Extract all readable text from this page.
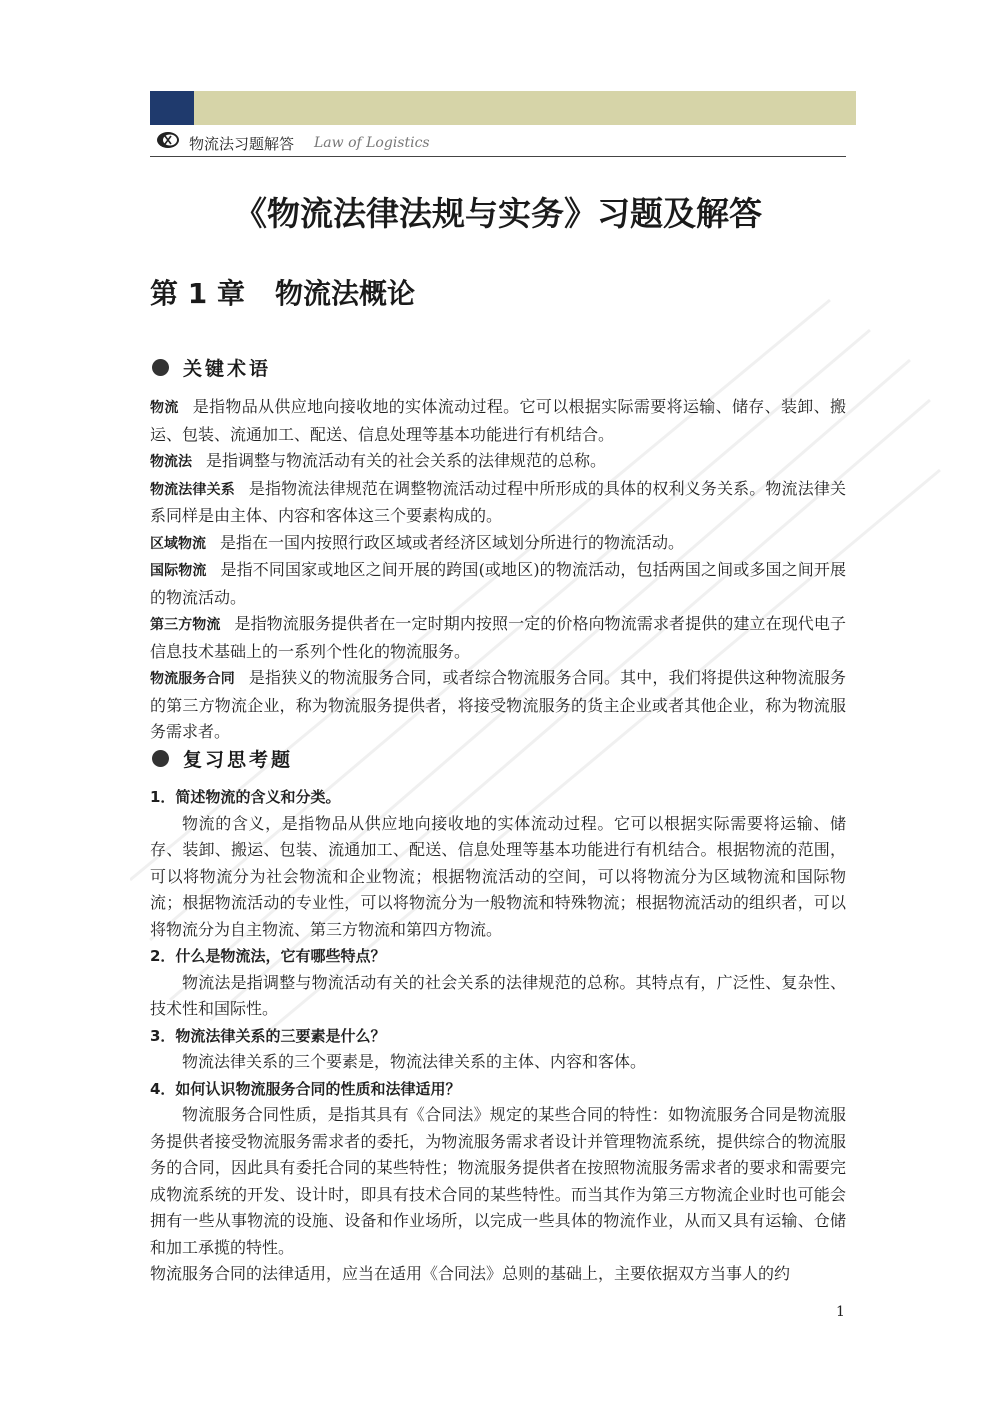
物流法习题解答 Law of Logistics
《物流法律法规与实务》习题及解答
第 1 章 物流法概论
关键术语

物流 是指物品从供应地向接收地的实体流动过程。它可以根据实际需要将运输、储存、装卸、搬运、包装、流通加工、配送、信息处理等基本功能进行有机结合。

物流法 是指调整与物流活动有关的社会关系的法律规范的总称。

物流法律关系 是指物流法律规范在调整物流活动过程中所形成的具体的权利义务关系。物流法律关系同样是由主体、内容和客体这三个要素构成的。

区域物流 是指在一国内按照行政区域或者经济区域划分所进行的物流活动。

国际物流 是指不同国家或地区之间开展的跨国(或地区)的物流活动，包括两国之间或多国之间开展的物流活动。

第三方物流 是指物流服务提供者在一定时期内按照一定的价格向物流需求者提供的建立在现代电子信息技术基础上的一系列个性化的物流服务。

物流服务合同 是指狭义的物流服务合同，或者综合物流服务合同。其中，我们将提供这种物流服务的第三方物流企业，称为物流服务提供者，将接受物流服务的货主企业或者其他企业，称为物流服务需求者。

复习思考题

1．简述物流的含义和分类。

物流的含义，是指物品从供应地向接收地的实体流动过程。它可以根据实际需要将运输、储存、装卸、搬运、包装、流通加工、配送、信息处理等基本功能进行有机结合。根据物流的范围，可以将物流分为社会物流和企业物流；根据物流活动的空间，可以将物流分为区域物流和国际物流；根据物流活动的专业性，可以将物流分为一般物流和特殊物流；根据物流活动的组织者，可以将物流分为自主物流、第三方物流和第四方物流。

2．什么是物流法，它有哪些特点？

物流法是指调整与物流活动有关的社会关系的法律规范的总称。其特点有，广泛性、复杂性、技术性和国际性。

3．物流法律关系的三要素是什么？

物流法律关系的三个要素是，物流法律关系的主体、内容和客体。

4．如何认识物流服务合同的性质和法律适用？

物流服务合同性质，是指其具有《合同法》规定的某些合同的特性：如物流服务合同是物流服务提供者接受物流服务需求者的委托，为物流服务需求者设计并管理物流系统，提供综合的物流服务的合同，因此具有委托合同的某些特性；物流服务提供者在按照物流服务需求者的要求和需要完成物流系统的开发、设计时，即具有技术合同的某些特性。而当其作为第三方物流企业时也可能会拥有一些从事物流的设施、设备和作业场所，以完成一些具体的物流作业，从而又具有运输、仓储和加工承揽的特性。

物流服务合同的法律适用，应当在适用《合同法》总则的基础上，主要依据双方当事人的约

1
